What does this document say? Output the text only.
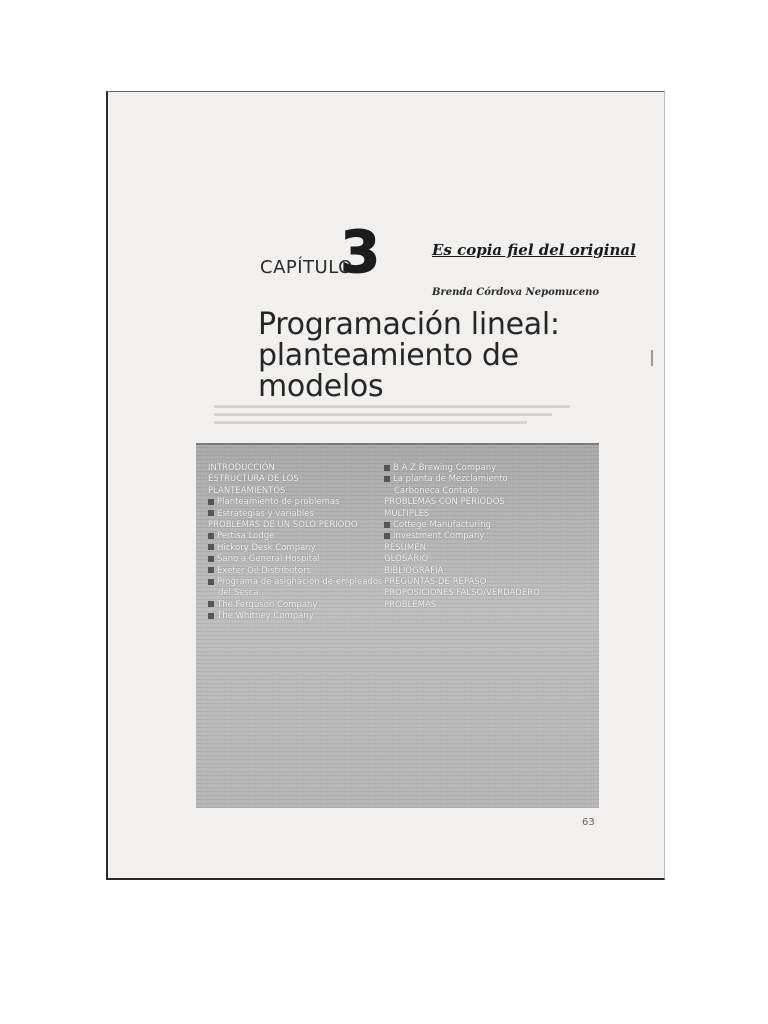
CAPÍTULO
3	Es copia fiel del original
Brenda Córdova Nepomuceno
Programación lineal:
planteamiento de
modelos
INTRODUCCIÓN
ESTRUCTURA DE LOS
PLANTEAMIENTOS
Planteamiento de problemas
Estrategias y variables
PROBLEMAS DE UN SOLO PERIODO
Pertisa Lodge
Hickory Desk Company
Sano a General Hospital
Exeter Oil Distributors
Programa de asignación de empleados
del Sesca
The Ferguson Company
The Whitney Company
B A Z Brewing Company
La planta de Mezclamiento
Carboneca Contado
PROBLEMAS CON PERIODOS
MÚLTIPLES
Cottege Manufacturing
Investment Company
RESUMEN
GLOSARIO
BIBLIOGRAFÍA
PREGUNTAS DE REPASO
PROPOSICIONES FALSO/VERDADERO
PROBLEMAS
63
